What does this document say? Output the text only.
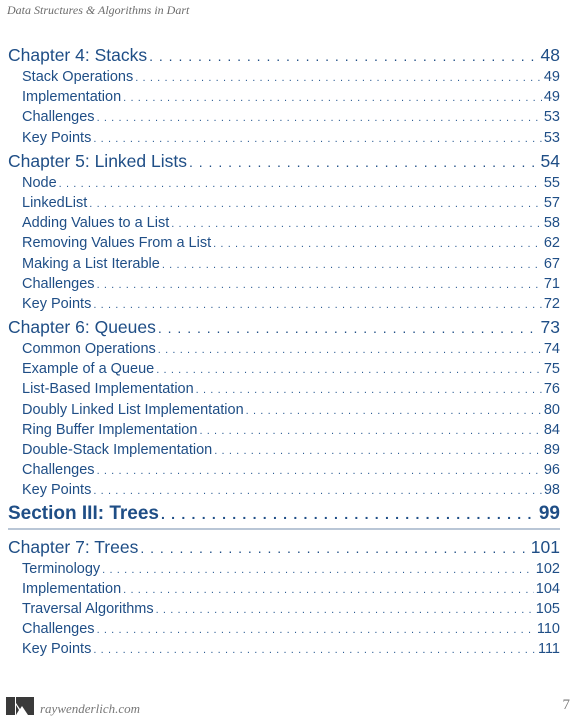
Data Structures & Algorithms in Dart
Chapter 4: Stacks . . .	48
Stack Operations . . .	49
Implementation . . .	49
Challenges . . .	53
Key Points . . .	53
Chapter 5: Linked Lists . . .	54
Node . . .	55
LinkedList . . .	57
Adding Values to a List . . .	58
Removing Values From a List . . .	62
Making a List Iterable . . .	67
Challenges . . .	71
Key Points . . .	72
Chapter 6: Queues . . .	73
Common Operations . . .	74
Example of a Queue . . .	75
List-Based Implementation . . .	76
Doubly Linked List Implementation . . .	80
Ring Buffer Implementation . . .	84
Double-Stack Implementation . . .	89
Challenges . . .	96
Key Points . . .	98
Section III: Trees . . .	99
Chapter 7: Trees . . .	101
Terminology . . .	102
Implementation . . .	104
Traversal Algorithms . . .	105
Challenges . . .	110
Key Points . . .	111
raywenderlich.com	7
